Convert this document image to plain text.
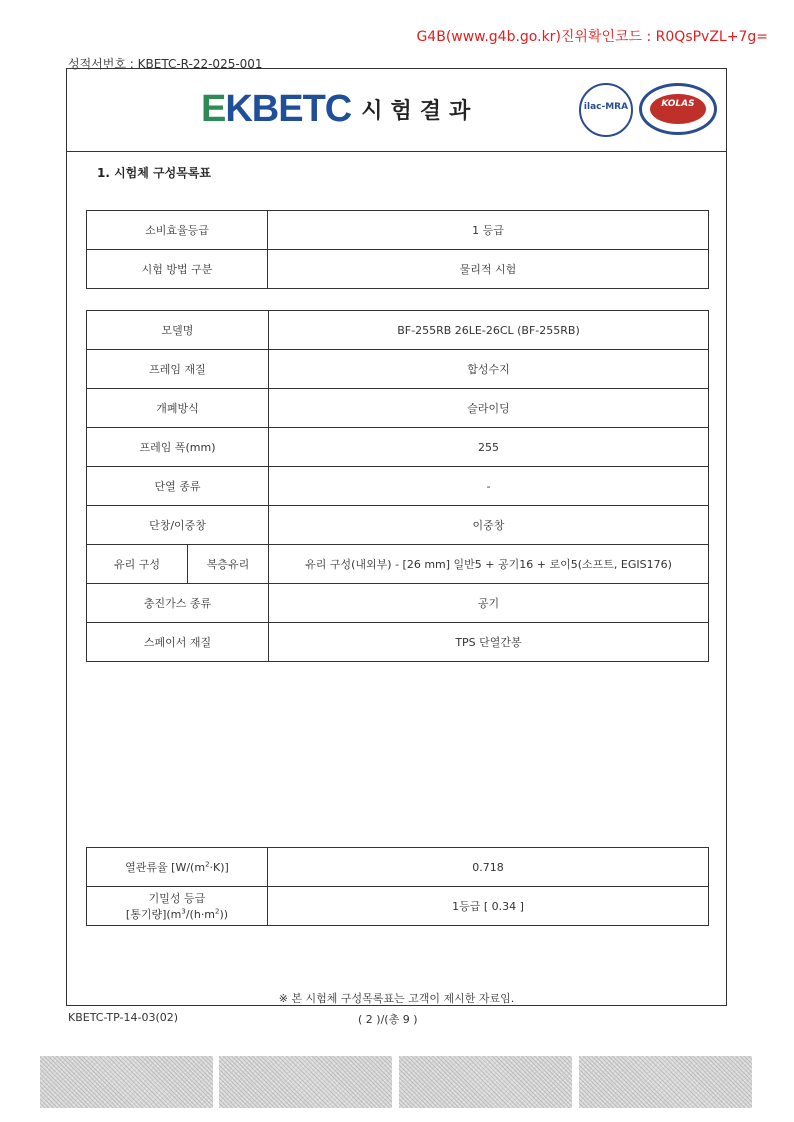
G4B(www.g4b.go.kr)진위확인코드 : R0QsPvZL+7g=
성적서번호 : KBETC-R-22-025-001
EKBETC 시험결과	ilac-MRA	KOLAS
1. 시험체 구성목록표
소비효율등급	1 등급
시험 방법 구분	물리적 시험
모델명		BF-255RB 26LE-26CL (BF-255RB)
프레임 재질		합성수지
개폐방식		슬라이딩
프레임 폭(mm)		255
단열 종류		-
단창/이중창		이중창
유리 구성	복층유리	유리 구성(내외부) - [26 mm] 일반5 + 공기16 + 로이5(소프트, EGIS176)
충진가스 종류		공기
스페이서 재질		TPS 단열간봉
열관류율 $[W/(m^2\cdot K)]$	0.718

기밀성 등급
[통기량]$(m^3/(h\cdot m^2))$	1등급 [ 0.34 ]
※ 본 시험체 구성목록표는 고객이 제시한 자료임.
KBETC-TP-14-03(02)	( 2 )/(총 9 )
